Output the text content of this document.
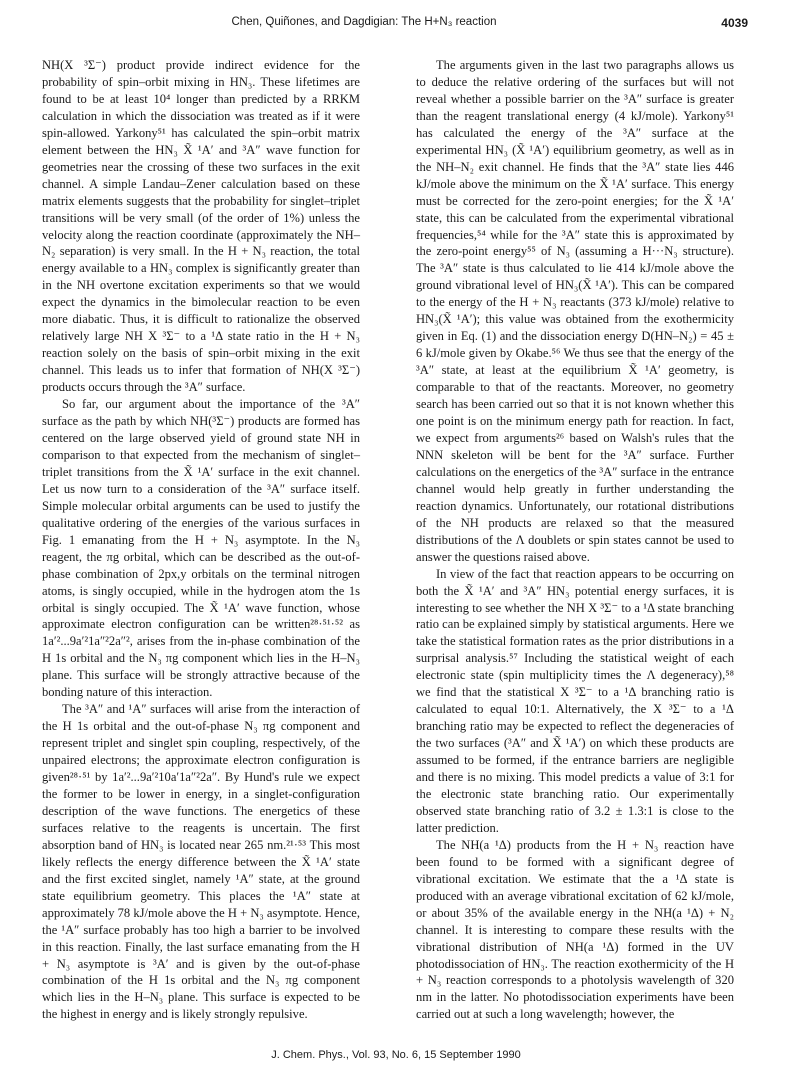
Chen, Quiñones, and Dagdigian: The H+N₃ reaction	4039

NH(X ³Σ⁻) product provide indirect evidence for the probability of spin–orbit mixing in HN₃. These lifetimes are found to be at least 10⁴ longer than predicted by a RRKM calculation in which the dissociation was treated as if it were spin-allowed. Yarkony⁵¹ has calculated the spin–orbit matrix element between the HN₃ X̃ ¹A′ and ³A″ wave function for geometries near the crossing of these two surfaces in the exit channel. A simple Landau–Zener calculation based on these matrix elements suggests that the probability for singlet–triplet transitions will be very small (of the order of 1%) unless the velocity along the reaction coordinate (approximately the NH–N₂ separation) is very small. In the H + N₃ reaction, the total energy available to a HN₃ complex is significantly greater than in the NH overtone excitation experiments so that we would expect the dynamics in the bimolecular reaction to be even more diabatic. Thus, it is difficult to rationalize the observed relatively large NH X ³Σ⁻ to a ¹Δ state ratio in the H + N₃ reaction solely on the basis of spin–orbit mixing in the exit channel. This leads us to infer that formation of NH(X ³Σ⁻) products occurs through the ³A″ surface.

So far, our argument about the importance of the ³A″ surface as the path by which NH(³Σ⁻) products are formed has centered on the large observed yield of ground state NH in comparison to that expected from the mechanism of singlet–triplet transitions from the X̃ ¹A′ surface in the exit channel. Let us now turn to a consideration of the ³A″ surface itself. Simple molecular orbital arguments can be used to justify the qualitative ordering of the energies of the various surfaces in Fig. 1 emanating from the H + N₃ asymptote. In the N₃ reagent, the πg orbital, which can be described as the out-of-phase combination of 2px,y orbitals on the terminal nitrogen atoms, is singly occupied, while in the hydrogen atom the 1s orbital is singly occupied. The X̃ ¹A′ wave function, whose approximate electron configuration can be written²⁸·⁵¹·⁵² as 1a′²...9a′²1a″²2a″², arises from the in-phase combination of the H 1s orbital and the N₃ πg component which lies in the H–N₃ plane. This surface will be strongly attractive because of the bonding nature of this interaction.

The ³A″ and ¹A″ surfaces will arise from the interaction of the H 1s orbital and the out-of-phase N₃ πg component and represent triplet and singlet spin coupling, respectively, of the unpaired electrons; the approximate electron configuration is given²⁸·⁵¹ by 1a′²...9a′²10a′1a″²2a″. By Hund's rule we expect the former to be lower in energy, in a singlet-configuration description of the wave functions. The energetics of these surfaces relative to the reagents is uncertain. The first absorption band of HN₃ is located near 265 nm.²¹·⁵³ This most likely reflects the energy difference between the X̃ ¹A′ state and the first excited singlet, namely ¹A″ state, at the ground state equilibrium geometry. This places the ¹A″ state at approximately 78 kJ/mole above the H + N₃ asymptote. Hence, the ¹A″ surface probably has too high a barrier to be involved in this reaction. Finally, the last surface emanating from the H + N₃ asymptote is ³A′ and is given by the out-of-phase combination of the H 1s orbital and the N₃ πg component which lies in the H–N₃ plane. This surface is expected to be the highest in energy and is likely strongly repulsive.

The arguments given in the last two paragraphs allows us to deduce the relative ordering of the surfaces but will not reveal whether a possible barrier on the ³A″ surface is greater than the reagent translational energy (4 kJ/mole). Yarkony⁵¹ has calculated the energy of the ³A″ surface at the experimental HN₃ (X̃ ¹A′) equilibrium geometry, as well as in the NH–N₂ exit channel. He finds that the ³A″ state lies 446 kJ/mole above the minimum on the X̃ ¹A′ surface. This energy must be corrected for the zero-point energies; for the X̃ ¹A′ state, this can be calculated from the experimental vibrational frequencies,⁵⁴ while for the ³A″ state this is approximated by the zero-point energy⁵⁵ of N₃ (assuming a H···N₃ structure). The ³A″ state is thus calculated to lie 414 kJ/mole above the ground vibrational level of HN₃(X̃ ¹A′). This can be compared to the energy of the H + N₃ reactants (373 kJ/mole) relative to HN₃(X̃ ¹A′); this value was obtained from the exothermicity given in Eq. (1) and the dissociation energy D(HN–N₂) = 45 ± 6 kJ/mole given by Okabe.⁵⁶ We thus see that the energy of the ³A″ state, at least at the equilibrium X̃ ¹A′ geometry, is comparable to that of the reactants. Moreover, no geometry search has been carried out so that it is not known whether this one point is on the minimum energy path for reaction. In fact, we expect from arguments²⁶ based on Walsh's rules that the NNN skeleton will be bent for the ³A″ surface. Further calculations on the energetics of the ³A″ surface in the entrance channel would help greatly in further understanding the reaction dynamics. Unfortunately, our rotational distributions of the NH products are relaxed so that the measured distributions of the Λ doublets or spin states cannot be used to answer the questions raised above.

In view of the fact that reaction appears to be occurring on both the X̃ ¹A′ and ³A″ HN₃ potential energy surfaces, it is interesting to see whether the NH X ³Σ⁻ to a ¹Δ state branching ratio can be explained simply by statistical arguments. Here we take the statistical formation rates as the prior distributions in a surprisal analysis.⁵⁷ Including the statistical weight of each electronic state (spin multiplicity times the Λ degeneracy),⁵⁸ we find that the statistical X ³Σ⁻ to a ¹Δ branching ratio is calculated to equal 10:1. Alternatively, the X ³Σ⁻ to a ¹Δ branching ratio may be expected to reflect the degeneracies of the two surfaces (³A″ and X̃ ¹A′) on which these products are assumed to be formed, if the entrance barriers are negligible and there is no mixing. This model predicts a value of 3:1 for the electronic state branching ratio. Our experimentally observed state branching ratio of 3.2 ± 1.3:1 is close to the latter prediction.

The NH(a ¹Δ) products from the H + N₃ reaction have been found to be formed with a significant degree of vibrational excitation. We estimate that the a ¹Δ state is produced with an average vibrational excitation of 62 kJ/mole, or about 35% of the available energy in the NH(a ¹Δ) + N₂ channel. It is interesting to compare these results with the vibrational distribution of NH(a ¹Δ) formed in the UV photodissociation of HN₃. The reaction exothermicity of the H + N₃ reaction corresponds to a photolysis wavelength of 320 nm in the latter. No photodissociation experiments have been carried out at such a long wavelength; however, the

J. Chem. Phys., Vol. 93, No. 6, 15 September 1990
